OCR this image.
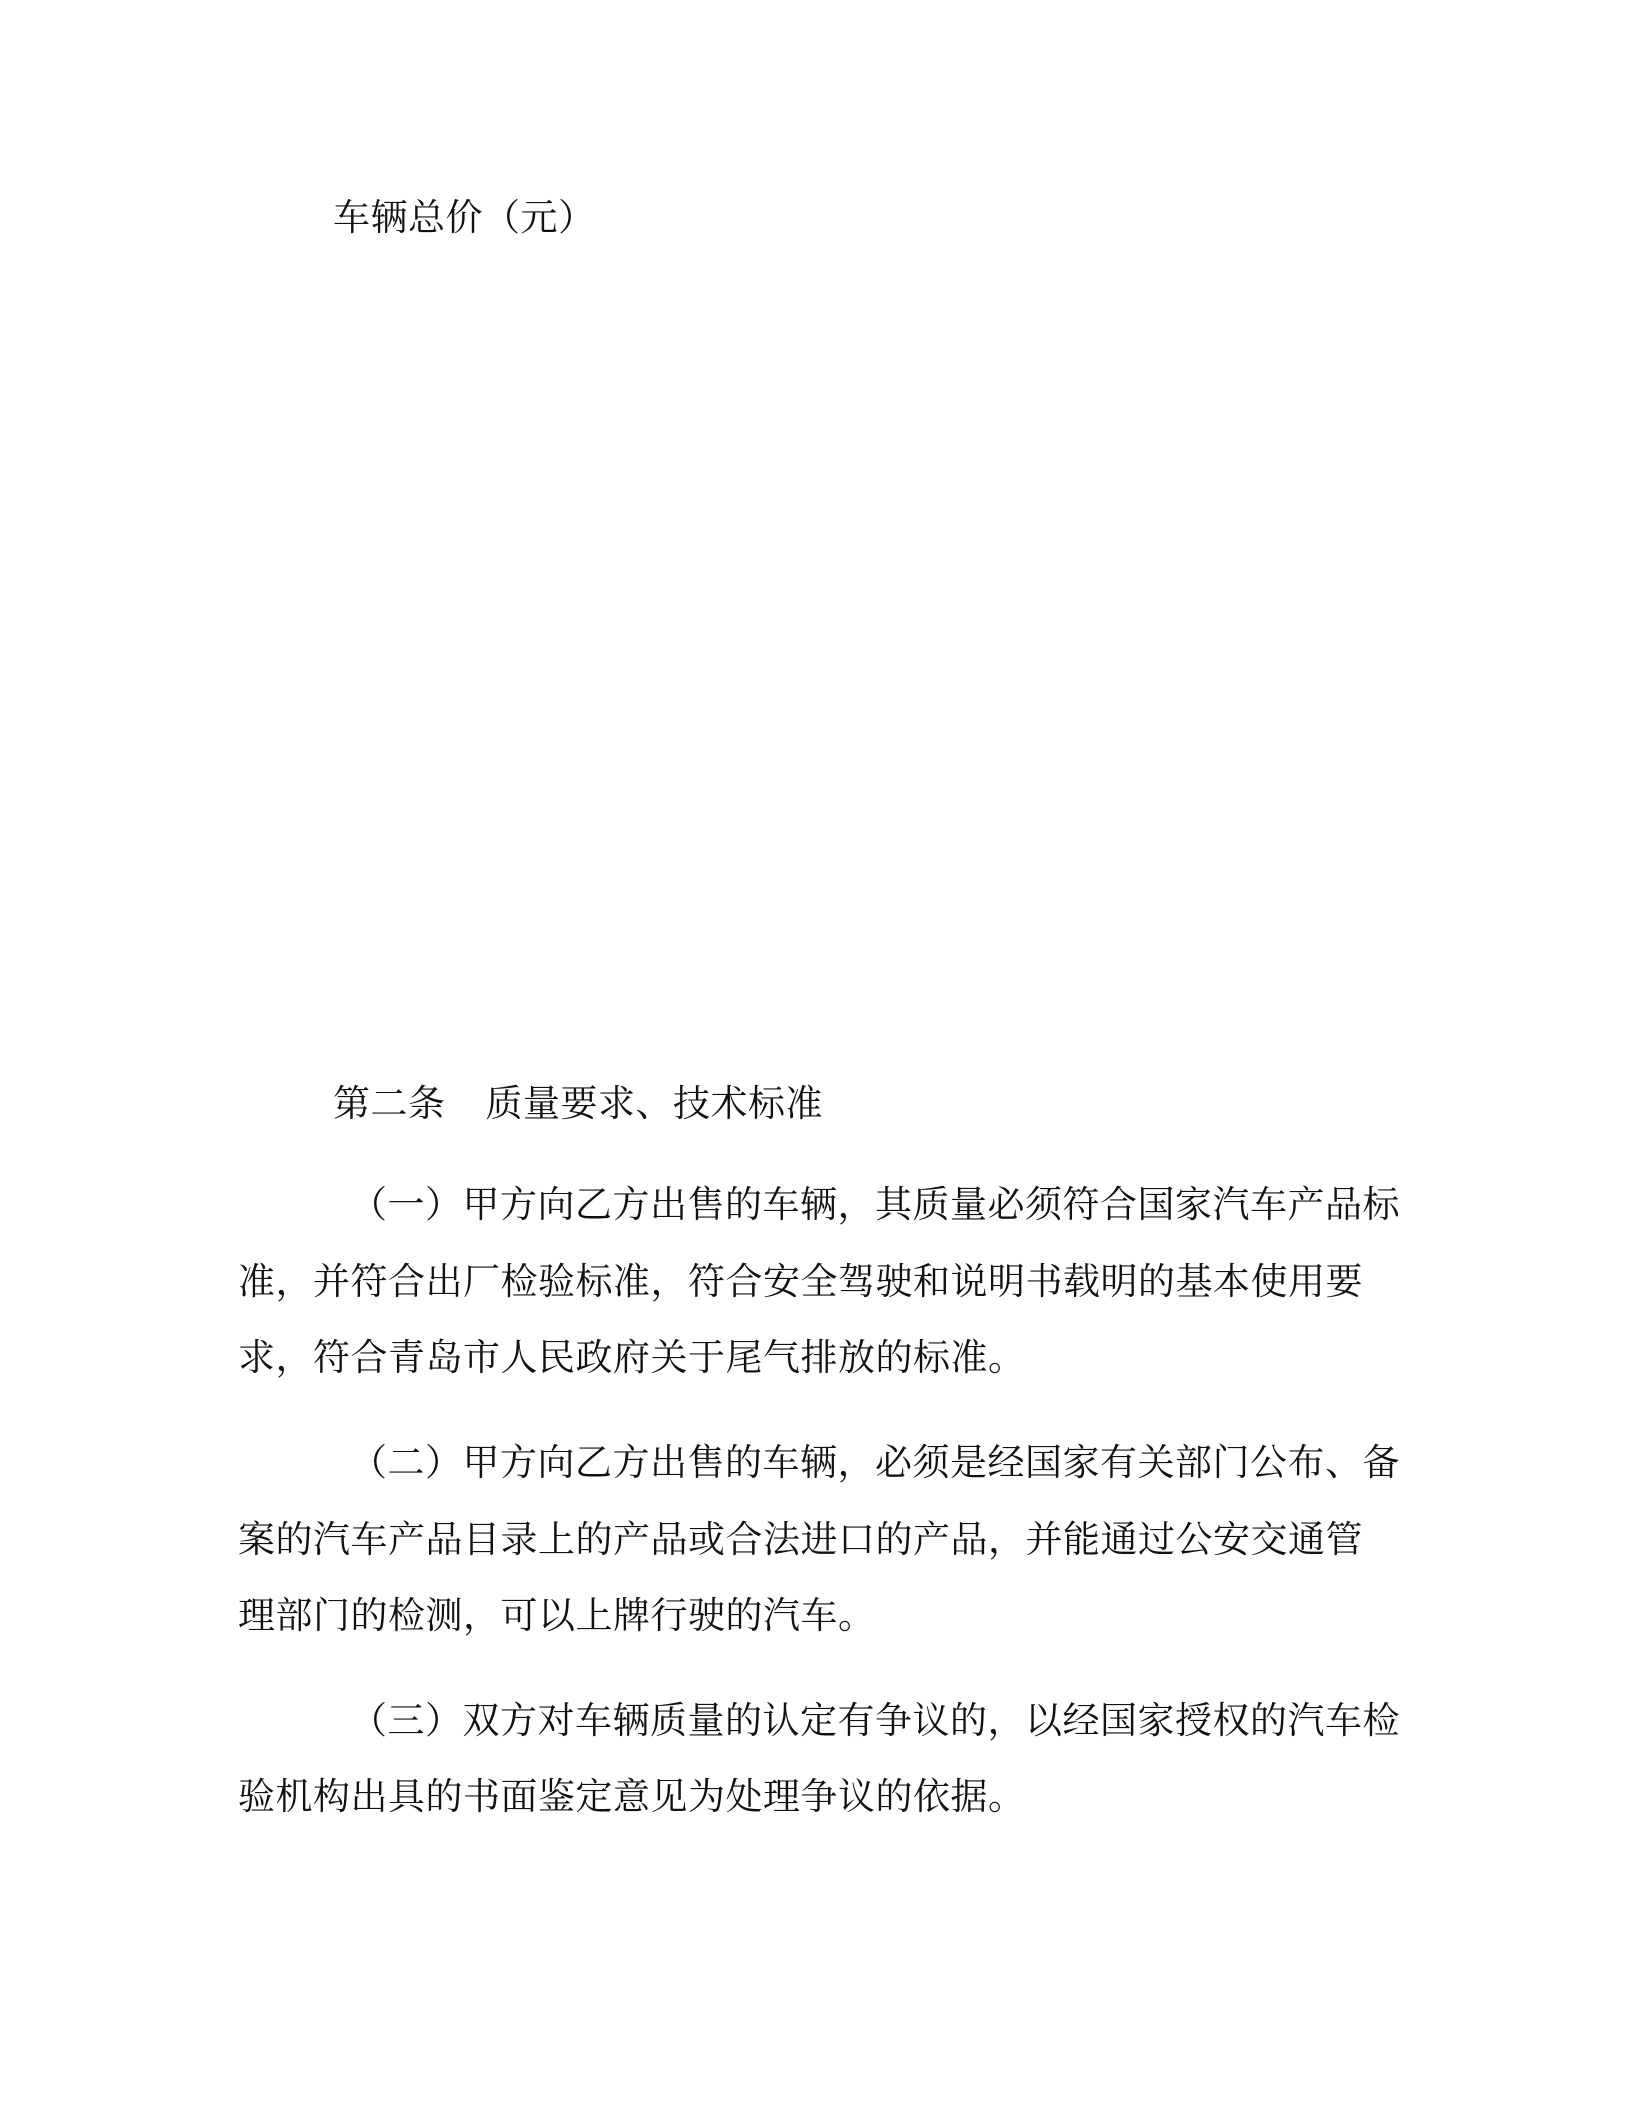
车辆总价（元）
第二条 质量要求、技术标准
（一）甲方向乙方出售的车辆，其质量必须符合国家汽车产品标
准，并符合出厂检验标准，符合安全驾驶和说明书载明的基本使用要
求，符合青岛市人民政府关于尾气排放的标准。
（二）甲方向乙方出售的车辆，必须是经国家有关部门公布、备
案的汽车产品目录上的产品或合法进口的产品，并能通过公安交通管
理部门的检测，可以上牌行驶的汽车。
（三）双方对车辆质量的认定有争议的，以经国家授权的汽车检
验机构出具的书面鉴定意见为处理争议的依据。
